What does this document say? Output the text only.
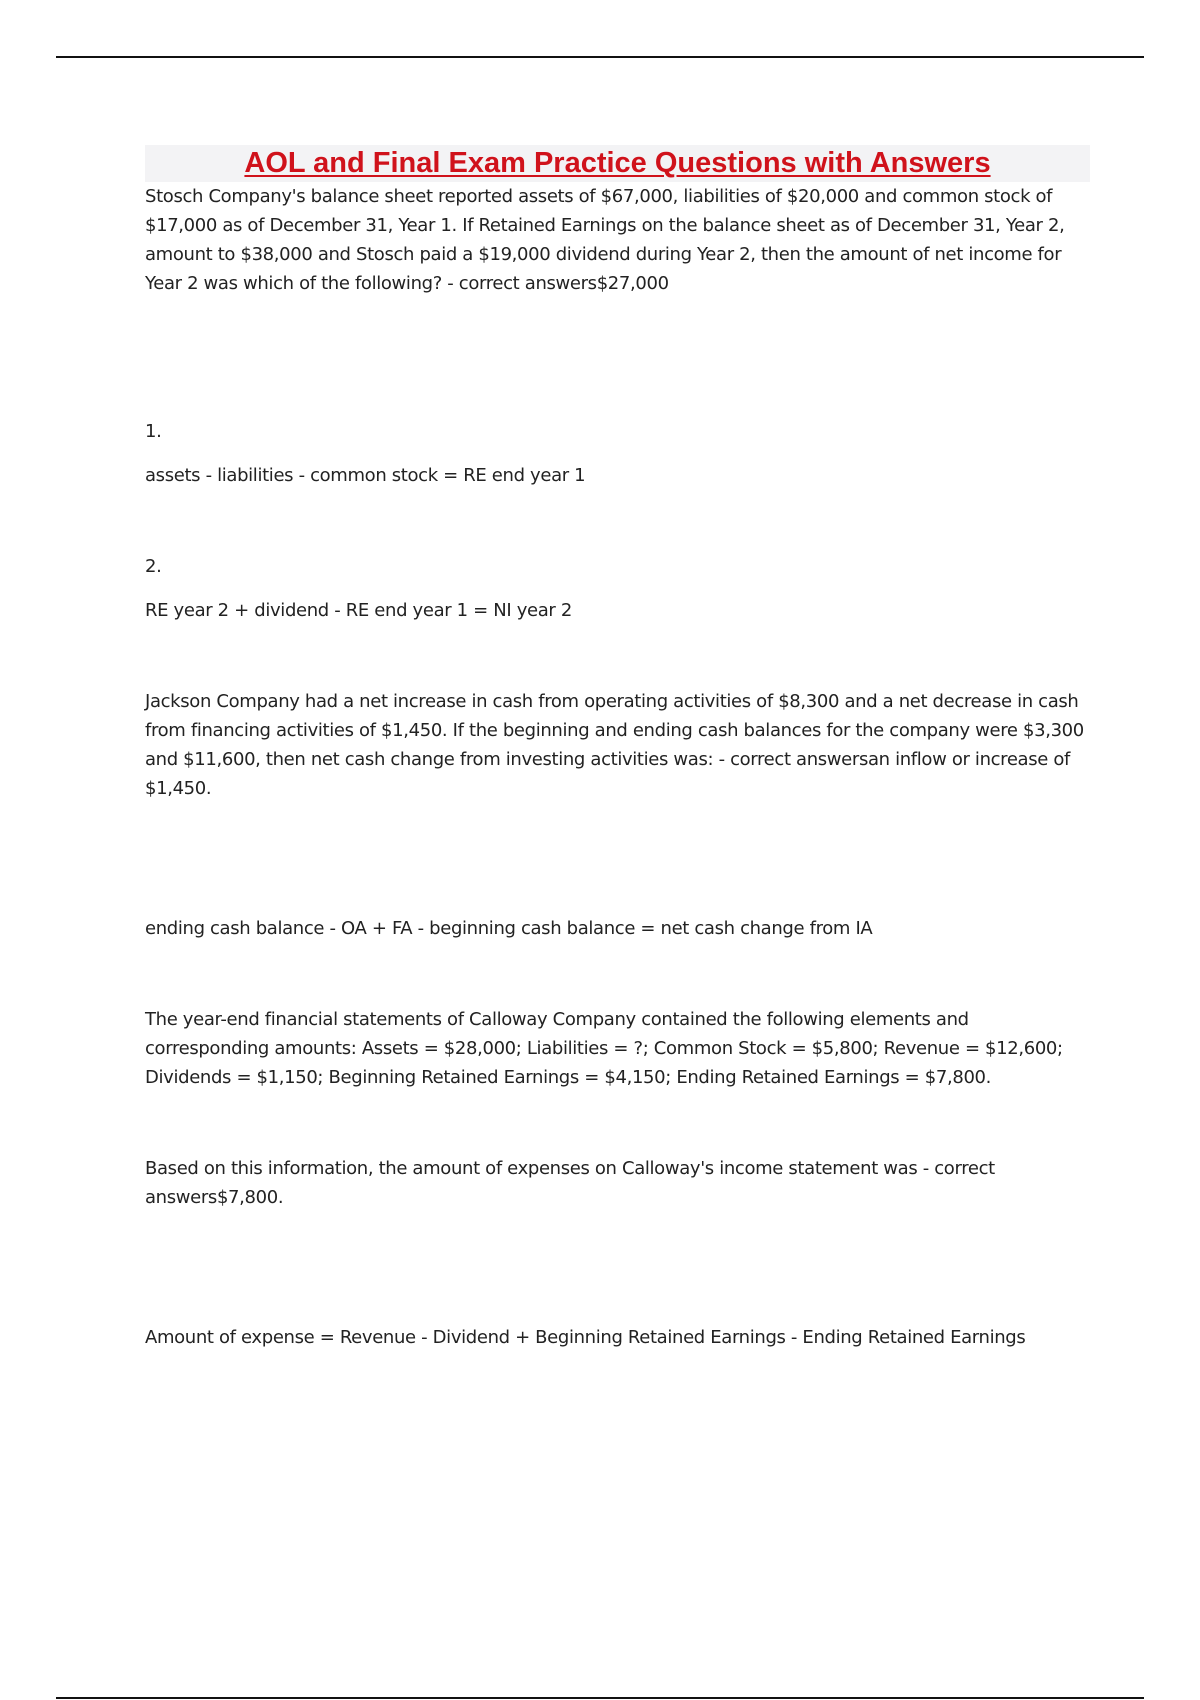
AOL and Final Exam Practice Questions with Answers

Stosch Company's balance sheet reported assets of $67,000, liabilities of $20,000 and common stock of $17,000 as of December 31, Year 1. If Retained Earnings on the balance sheet as of December 31, Year 2, amount to $38,000 and Stosch paid a $19,000 dividend during Year 2, then the amount of net income for Year 2 was which of the following? - correct answers$27,000

1.

assets - liabilities - common stock = RE end year 1

2.

RE year 2 + dividend - RE end year 1 = NI year 2

Jackson Company had a net increase in cash from operating activities of $8,300 and a net decrease in cash from financing activities of $1,450. If the beginning and ending cash balances for the company were $3,300 and $11,600, then net cash change from investing activities was: - correct answersan inflow or increase of $1,450.

ending cash balance - OA + FA - beginning cash balance = net cash change from IA

The year-end financial statements of Calloway Company contained the following elements and corresponding amounts: Assets = $28,000; Liabilities = ?; Common Stock = $5,800; Revenue = $12,600; Dividends = $1,150; Beginning Retained Earnings = $4,150; Ending Retained Earnings = $7,800.

Based on this information, the amount of expenses on Calloway's income statement was - correct answers$7,800.

Amount of expense = Revenue - Dividend + Beginning Retained Earnings - Ending Retained Earnings
